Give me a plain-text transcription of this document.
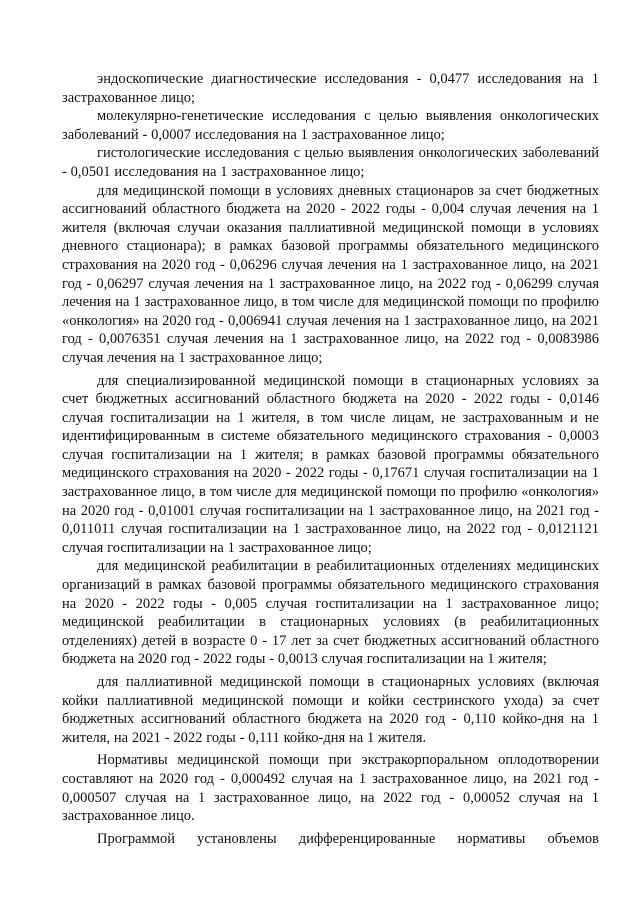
эндоскопические диагностические исследования - 0,0477 исследования на 1 застрахованное лицо;

молекулярно-генетические исследования с целью выявления онкологических заболеваний - 0,0007 исследования на 1 застрахованное лицо;

гистологические исследования с целью выявления онкологических заболеваний - 0,0501 исследования на 1 застрахованное лицо;

для медицинской помощи в условиях дневных стационаров за счет бюджетных ассигнований областного бюджета на 2020 - 2022 годы - 0,004 случая лечения на 1 жителя (включая случаи оказания паллиативной медицинской помощи в условиях дневного стационара); в рамках базовой программы обязательного медицинского страхования на 2020 год - 0,06296 случая лечения на 1 застрахованное лицо, на 2021 год - 0,06297 случая лечения на 1 застрахованное лицо, на 2022 год - 0,06299 случая лечения на 1 застрахованное лицо, в том числе для медицинской помощи по профилю «онкология» на 2020 год - 0,006941 случая лечения на 1 застрахованное лицо, на 2021 год - 0,0076351 случая лечения на 1 застрахованное лицо, на 2022 год - 0,0083986 случая лечения на 1 застрахованное лицо;

для специализированной медицинской помощи в стационарных условиях за счет бюджетных ассигнований областного бюджета на 2020 - 2022 годы - 0,0146 случая госпитализации на 1 жителя, в том числе лицам, не застрахованным и не идентифицированным в системе обязательного медицинского страхования - 0,0003 случая госпитализации на 1 жителя; в рамках базовой программы обязательного медицинского страхования на 2020 - 2022 годы - 0,17671 случая госпитализации на 1 застрахованное лицо, в том числе для медицинской помощи по профилю «онкология» на 2020 год - 0,01001 случая госпитализации на 1 застрахованное лицо, на 2021 год - 0,011011 случая госпитализации на 1 застрахованное лицо, на 2022 год - 0,0121121 случая госпитализации на 1 застрахованное лицо;

для медицинской реабилитации в реабилитационных отделениях медицинских организаций в рамках базовой программы обязательного медицинского страхования на 2020 - 2022 годы - 0,005 случая госпитализации на 1 застрахованное лицо; медицинской реабилитации в стационарных условиях (в реабилитационных отделениях) детей в возрасте 0 - 17 лет за счет бюджетных ассигнований областного бюджета на 2020 год - 2022 годы - 0,0013 случая госпитализации на 1 жителя;

для паллиативной медицинской помощи в стационарных условиях (включая койки паллиативной медицинской помощи и койки сестринского ухода) за счет бюджетных ассигнований областного бюджета на 2020 год - 0,110 койко-дня на 1 жителя, на 2021 - 2022 годы - 0,111 койко-дня на 1 жителя.

Нормативы медицинской помощи при экстракорпоральном оплодотворении составляют на 2020 год - 0,000492 случая на 1 застрахованное лицо, на 2021 год - 0,000507 случая на 1 застрахованное лицо, на 2022 год - 0,00052 случая на 1 застрахованное лицо.

Программой установлены дифференцированные нормативы объемов
